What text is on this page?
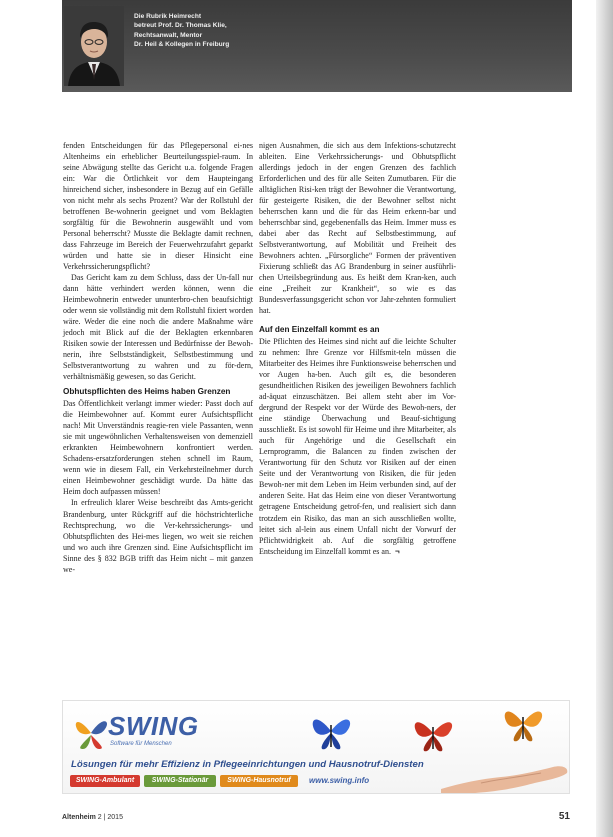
Die Rubrik Heimrecht
betreut Prof. Dr. Thomas Klie,
Rechtsanwalt, Mentor
Dr. Heil & Kollegen in Freiburg

fenden Entscheidungen für das Pflegepersonal ei-nes Altenheims ein erheblicher Beurteilungsspiel-raum. In seine Abwägung stellte das Gericht u.a. folgende Fragen ein: War die Örtlichkeit vor dem Haupteingang hinreichend sicher, insbesondere in Bezug auf ein Gefälle von nicht mehr als sechs Prozent? War der Rollstuhl der betroffenen Be-wohnerin geeignet und vom Beklagten sorgfältig für die Bewohnerin ausgewählt und vom Personal beherrscht? Musste die Beklagte damit rechnen, dass Fahrzeuge im Bereich der Feuerwehrzufahrt geparkt würden und hatte sie in dieser Hinsicht eine Verkehrssicherungspflicht?

Das Gericht kam zu dem Schluss, dass der Un-fall nur dann hätte verhindert werden können, wenn die Heimbewohnerin entweder ununterbro-chen beaufsichtigt oder wenn sie vollständig mit dem Rollstuhl fixiert worden wäre. Weder die eine noch die andere Maßnahme wäre jedoch mit Blick auf die der Beklagten erkennbaren Risiken sowie der Interessen und Bedürfnisse der Bewoh-nerin, ihre Selbstständigkeit, Selbstbestimmung und Selbstverantwortung zu wahren und zu för-dern, verhältnismäßig gewesen, so das Gericht.

Obhutspflichten des Heims haben Grenzen

Das Öffentlichkeit verlangt immer wieder: Passt doch auf die Heimbewohner auf. Kommt eurer Aufsichtspflicht nach! Mit Unverständnis reagie-ren viele Passanten, wenn sie mit ungewöhnlichen Verhaltensweisen von demenziell erkrankten Heimbewohnern konfrontiert werden. Schadens-ersatzforderungen stehen schnell im Raum, wenn wie in diesem Fall, ein Verkehrsteilnehmer durch einen Heimbewohner geschädigt wurde. Da hätte das Heim doch aufpassen müssen!

In erfreulich klarer Weise beschreibt das Amts-gericht Brandenburg, unter Rückgriff auf die höchstrichterliche Rechtsprechung, wo die Ver-kehrssicherungs- und Obhutspflichten des Hei-mes liegen, wo weit sie reichen und wo auch ihre Grenzen sind. Eine Aufsichtspflicht im Sinne des § 832 BGB trifft das Heim nicht – mit ganzen we-

nigen Ausnahmen, die sich aus dem Infektions-schutzrecht ableiten. Eine Verkehrssicherungs- und Obhutspflicht allerdings jedoch in der engen Grenzen des fachlich Erforderlichen und des für alle Seiten Zumutbaren. Für die alltäglichen Risi-ken trägt der Bewohner die Verantwortung, für gesteigerte Risiken, die der Bewohner selbst nicht beherrschen kann und die für das Heim erkenn-bar und beherrschbar sind, gegebenenfalls das Heim. Immer muss es dabei aber das Recht auf Selbstbestimmung, auf Selbstverantwortung, auf Mobilität und Freiheit des Bewohners achten. „Fürsorgliche“ Formen der präventiven Fixierung schließt das AG Brandenburg in seiner ausführli-chen Urteilsbegründung aus. Es heißt dem Kran-ken, auch eine „Freiheit zur Krankheit“, so wie es das Bundesverfassungsgericht schon vor Jahr-zehnten formuliert hat.

Auf den Einzelfall kommt es an

Die Pflichten des Heimes sind nicht auf die leichte Schulter zu nehmen: Ihre Grenze vor Hilfsmit-teln müssen die Mitarbeiter des Heimes ihre Funktionsweise beherrschen und vor Augen ha-ben. Auch gilt es, die besonderen gesundheitlichen Risiken des jeweiligen Bewohners fachlich ad-äquat einzuschätzen. Bei allem steht aber im Vor-dergrund der Respekt vor der Würde des Bewoh-ners, der eine ständige Überwachung und Beauf-sichtigung ausschließt. Es ist sowohl für Heime und ihre Mitarbeiter, als auch für Angehörige und die Gesellschaft ein Lernprogramm, die Balancen zu finden zwischen der Verantwortung für den Schutz vor Risiken auf der einen Seite und der Verantwortung von Risiken, die für jeden Bewoh-ner mit dem Leben im Heim verbunden sind, auf der anderen Seite. Hat das Heim eine von dieser Verantwortung getragene Entscheidung getrof-fen, und realisiert sich dann trotzdem ein Risiko, das man an sich ausschließen wollte, leitet sich al-lein aus einem Unfall nicht der Vorwurf der Pflichtwidrigkeit ab. Auf die sorgfältig getroffene Entscheidung im Einzelfall kommt es an. ¬

SWING
Software für Menschen
Lösungen für mehr Effizienz in Pflegeeinrichtungen und Hausnotruf-Diensten
SWING-Ambulant	SWING-Stationär	SWING-Hausnotruf	www.swing.info
Altenheim 2 | 2015	51
